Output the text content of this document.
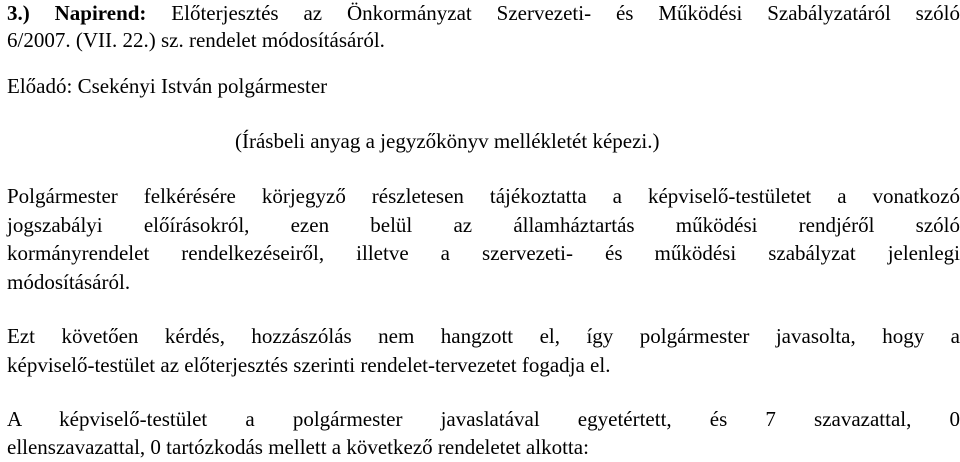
3.) Napirend: Előterjesztés az Önkormányzat Szervezeti- és Működési Szabályzatáról szóló
6/2007. (VII. 22.) sz. rendelet módosításáról.
Előadó: Csekényi István polgármester
(Írásbeli anyag a jegyzőkönyv mellékletét képezi.)
Polgármester felkérésére körjegyző részletesen tájékoztatta a képviselő-testületet a vonatkozó
jogszabályi előírásokról, ezen belül az államháztartás működési rendjéről szóló
kormányrendelet rendelkezéseiről, illetve a szervezeti- és működési szabályzat jelenlegi
módosításáról.
Ezt követően kérdés, hozzászólás nem hangzott el, így polgármester javasolta, hogy a
képviselő-testület az előterjesztés szerinti rendelet-tervezetet fogadja el.
A képviselő-testület a polgármester javaslatával egyetértett, és 7 szavazattal, 0
ellenszavazattal, 0 tartózkodás mellett a következő rendeletet alkotta:
